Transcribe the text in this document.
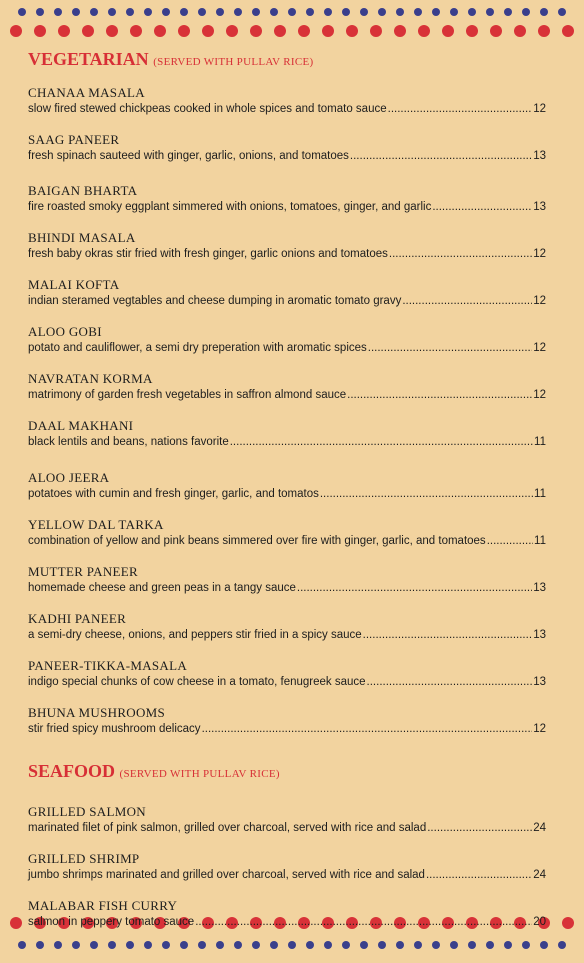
VEGETARIAN (SERVED WITH PULLAV RICE)
CHANAA MASALA
slow fired stewed chickpeas cooked in whole spices and tomato sauce .....	12
SAAG PANEER
fresh spinach sauteed with ginger, garlic, onions, and tomatoes .....	13
BAIGAN BHARTA
fire roasted smoky eggplant simmered with onions, tomatoes, ginger, and garlic .....	13
BHINDI MASALA
fresh baby okras stir fried with fresh ginger, garlic onions and tomatoes .....	12
MALAI KOFTA
indian steramed vegtables and cheese dumping in aromatic tomato gravy .....	12
ALOO GOBI
potato and cauliflower, a semi dry preperation with aromatic spices .....	12
NAVRATAN KORMA
matrimony of garden fresh vegetables in saffron almond sauce .....	12
DAAL MAKHANI
black lentils and beans, nations favorite .....	11
ALOO JEERA
potatoes with cumin and fresh ginger, garlic, and tomatos .....	11
YELLOW DAL TARKA
combination of yellow and pink beans simmered over fire with ginger, garlic, and tomatoes .....	11
MUTTER PANEER
homemade cheese and green peas in a tangy sauce .....	13
KADHI PANEER
a semi-dry cheese, onions, and peppers stir fried in a spicy sauce .....	13
PANEER-TIKKA-MASALA
indigo special chunks of cow cheese in a tomato, fenugreek sauce .....	13
BHUNA MUSHROOMS
stir fried spicy mushroom delicacy .....	12
SEAFOOD (SERVED WITH PULLAV RICE)
GRILLED SALMON
marinated filet of pink salmon, grilled over charcoal, served with rice and salad .....	24
GRILLED SHRIMP
jumbo shrimps marinated and grilled over charcoal, served with rice and salad .....	24
MALABAR FISH CURRY
salmon in peppery tomato sauce .....	20
